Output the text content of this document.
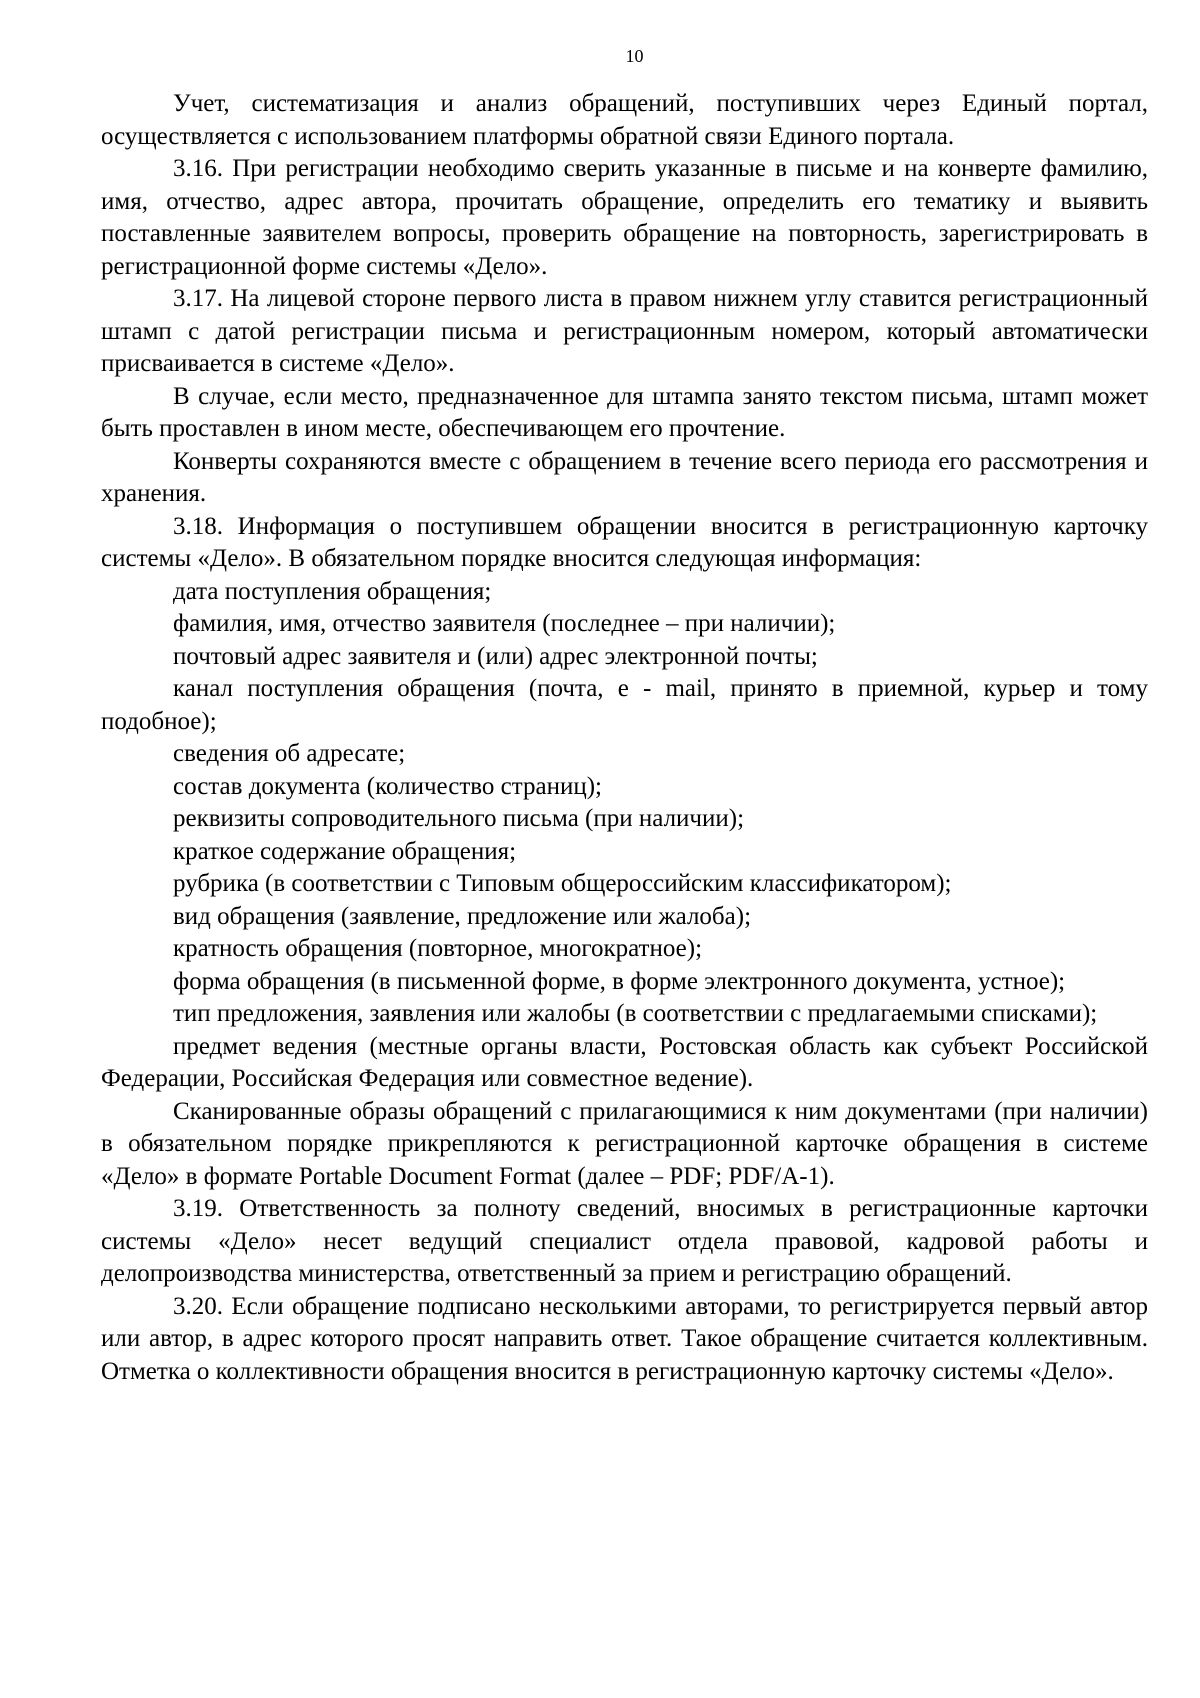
10

Учет, систематизация и анализ обращений, поступивших через Единый портал, осуществляется с использованием платформы обратной связи Единого портала.

3.16. При регистрации необходимо сверить указанные в письме и на конверте фамилию, имя, отчество, адрес автора, прочитать обращение, определить его тематику и выявить поставленные заявителем вопросы, проверить обращение на повторность, зарегистрировать в регистрационной форме системы «Дело».

3.17. На лицевой стороне первого листа в правом нижнем углу ставится регистрационный штамп с датой регистрации письма и регистрационным номером, который автоматически присваивается в системе «Дело».

В случае, если место, предназначенное для штампа занято текстом письма, штамп может быть проставлен в ином месте, обеспечивающем его прочтение.

Конверты сохраняются вместе с обращением в течение всего периода его рассмотрения и хранения.

3.18. Информация о поступившем обращении вносится в регистрационную карточку системы «Дело». В обязательном порядке вносится следующая информация:

дата поступления обращения;

фамилия, имя, отчество заявителя (последнее – при наличии);

почтовый адрес заявителя и (или) адрес электронной почты;

канал поступления обращения (почта, е - mail, принято в приемной, курьер и тому подобное);

сведения об адресате;

состав документа (количество страниц);

реквизиты сопроводительного письма (при наличии);

краткое содержание обращения;

рубрика (в соответствии с Типовым общероссийским классификатором);

вид обращения (заявление, предложение или жалоба);

кратность обращения (повторное, многократное);

форма обращения (в письменной форме, в форме электронного документа, устное);

тип предложения, заявления или жалобы (в соответствии с предлагаемыми списками);

предмет ведения (местные органы власти, Ростовская область как субъект Российской Федерации, Российская Федерация или совместное ведение).

Сканированные образы обращений с прилагающимися к ним документами (при наличии) в обязательном порядке прикрепляются к регистрационной карточке обращения в системе «Дело» в формате Portable Document Format (далее – PDF; PDF/A-1).

3.19. Ответственность за полноту сведений, вносимых в регистрационные карточки системы «Дело» несет ведущий специалист отдела правовой, кадровой работы и делопроизводства министерства, ответственный за прием и регистрацию обращений.

3.20. Если обращение подписано несколькими авторами, то регистрируется первый автор или автор, в адрес которого просят направить ответ. Такое обращение считается коллективным. Отметка о коллективности обращения вносится в регистрационную карточку системы «Дело».
